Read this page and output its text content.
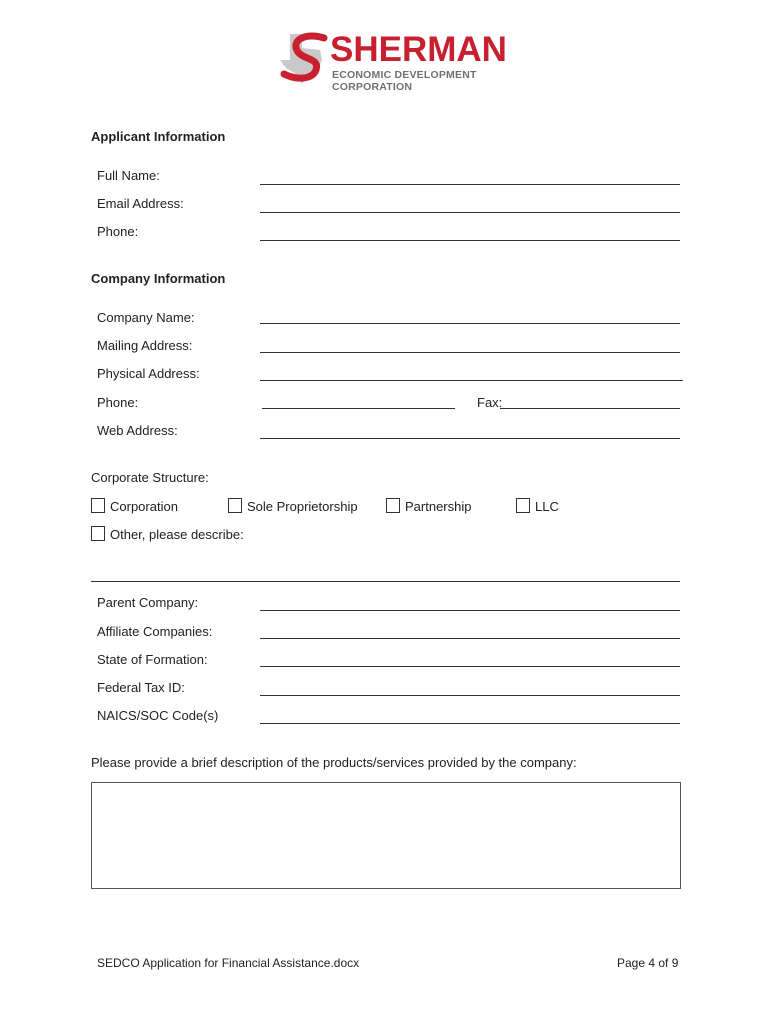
SHERMAN
ECONOMIC DEVELOPMENT CORPORATION
Applicant Information
Full Name:
Email Address:
Phone:
Company Information
Company Name:
Mailing Address:
Physical Address:
Phone:	Fax:
Web Address:
Corporate Structure:
Corporation	Sole Proprietorship	Partnership	LLC
Other, please describe:
Parent Company:
Affiliate Companies:
State of Formation:
Federal Tax ID:
NAICS/SOC Code(s)
Please provide a brief description of the products/services provided by the company:
SEDCO Application for Financial Assistance.docx	Page 4 of 9
